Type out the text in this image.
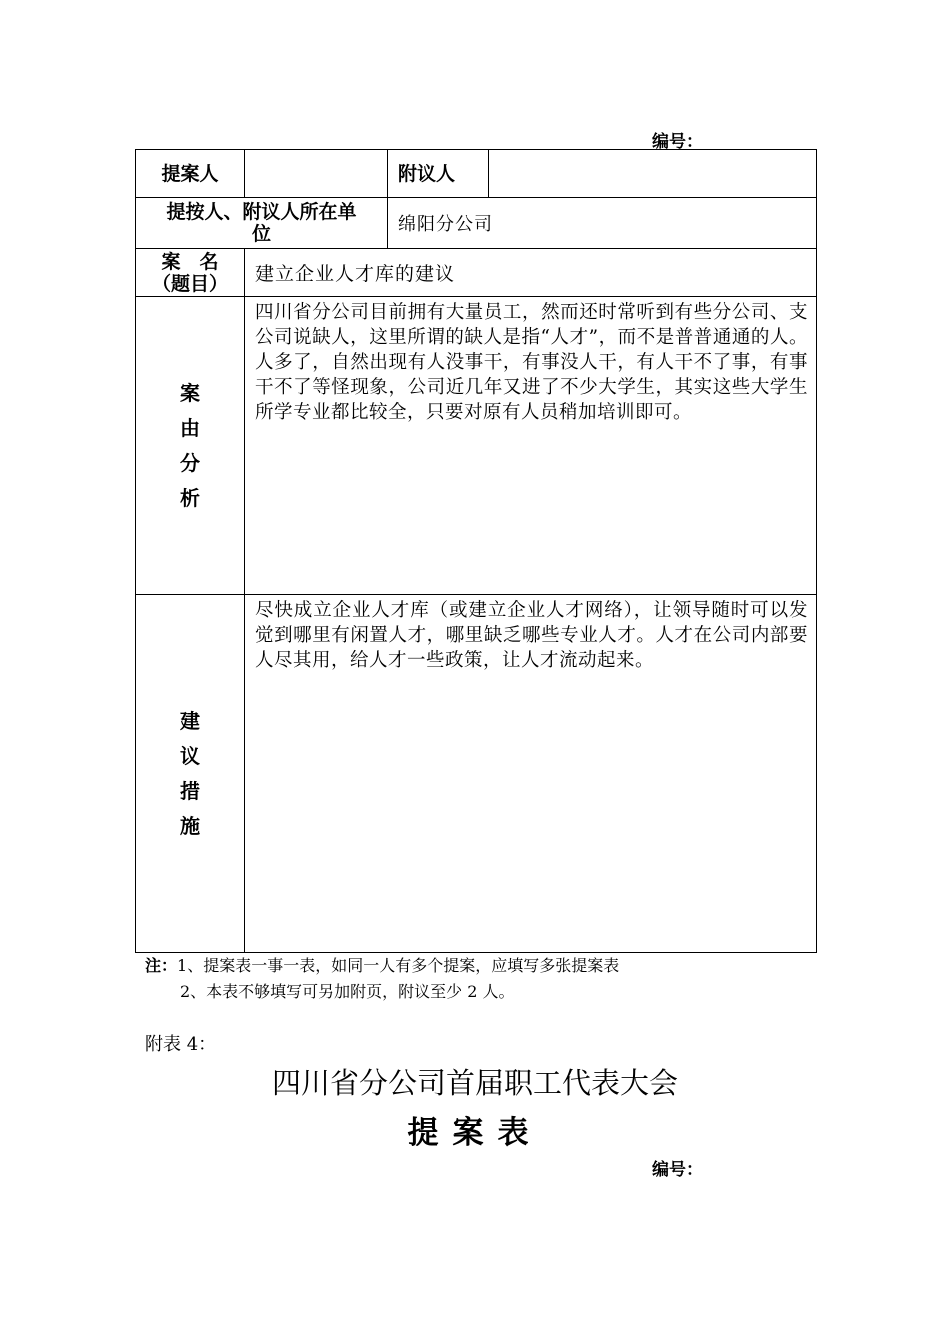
编号：
提案人		附议人	

提按人、附议人所在单
位		绵阳分公司	

案　名
（题目）	建立企业人才库的建议		

案
由
分
析	四川省分公司目前拥有大量员工，然而还时常听到有些分公司、支公司说缺人，这里所谓的缺人是指“人才”，而不是普普通通的人。人多了，自然出现有人没事干，有事没人干，有人干不了事，有事干不了等怪现象，公司近几年又进了不少大学生，其实这些大学生所学专业都比较全，只要对原有人员稍加培训即可。		

建
议
措
施	尽快成立企业人才库（或建立企业人才网络），让领导随时可以发觉到哪里有闲置人才，哪里缺乏哪些专业人才。人才在公司内部要人尽其用，给人才一些政策，让人才流动起来。		
注：1、提案表一事一表，如同一人有多个提案，应填写多张提案表
2、本表不够填写可另加附页，附议至少 2 人。
附表 4：
四川省分公司首届职工代表大会
提案表
编号：
